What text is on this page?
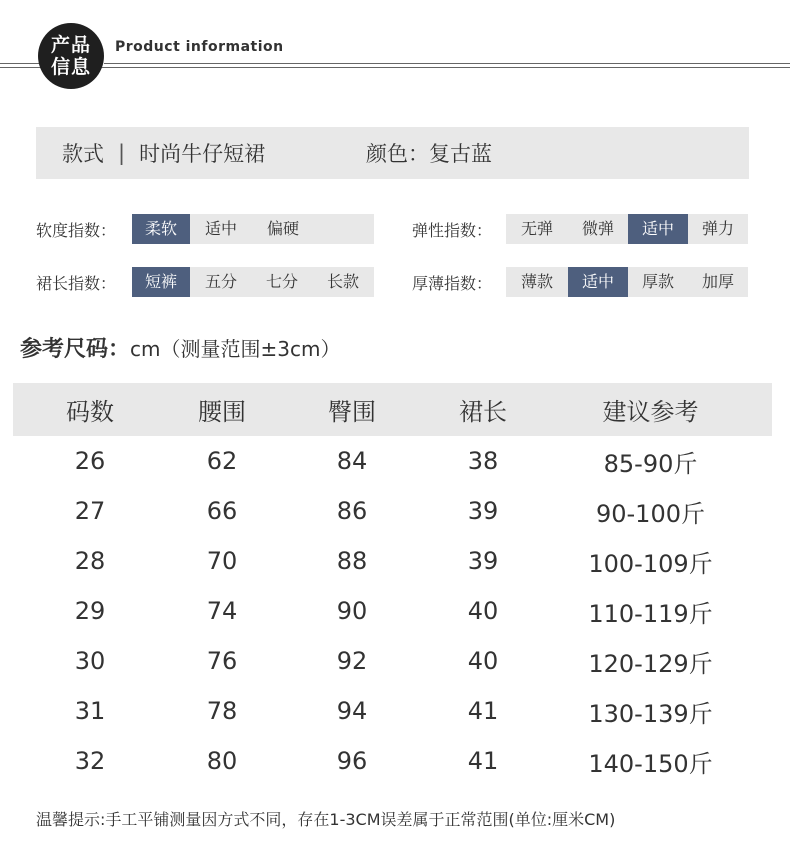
产品
信息
Product information
款式 | 时尚牛仔短裙	颜色：复古蓝
软度指数：	柔软	适中	偏硬	弹性指数：	无弹	微弹	适中	弹力
裙长指数：	短裤	五分	七分	长款	厚薄指数：	薄款	适中	厚款	加厚
参考尺码：cm（测量范围±3cm）
码数	腰围	臀围	裙长	建议参考
26	62	84	38	85-90斤
27	66	86	39	90-100斤
28	70	88	39	100-109斤
29	74	90	40	110-119斤
30	76	92	40	120-129斤
31	78	94	41	130-139斤
32	80	96	41	140-150斤
温馨提示:手工平铺测量因方式不同，存在1-3CM误差属于正常范围(单位:厘米CM)
